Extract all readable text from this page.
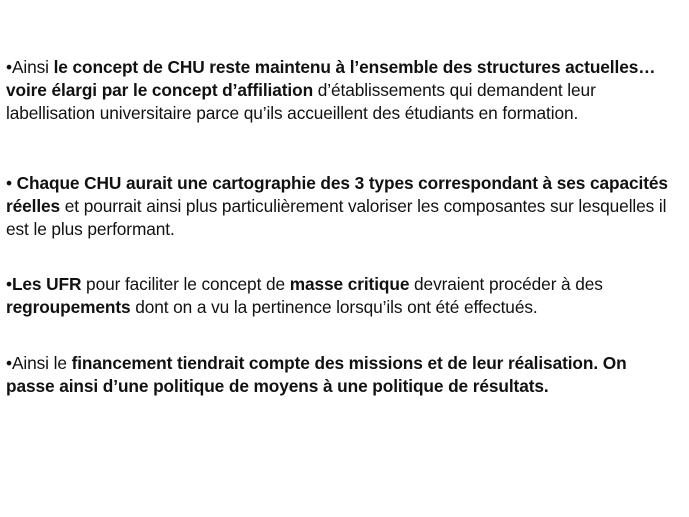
•Ainsi le concept de CHU reste maintenu à l’ensemble des structures actuelles… voire élargi par le concept d’affiliation d’établissements qui demandent leur labellisation universitaire parce qu’ils accueillent des étudiants en formation.

• Chaque CHU aurait une cartographie des 3 types correspondant à ses capacités réelles et pourrait ainsi plus particulièrement valoriser les composantes sur lesquelles il est le plus performant.

•Les UFR pour faciliter le concept de masse critique devraient procéder à des regroupements dont on a vu la pertinence lorsqu’ils ont été effectués.

•Ainsi le financement tiendrait compte des missions et de leur réalisation. On passe ainsi d’une politique de moyens à une politique de résultats.
